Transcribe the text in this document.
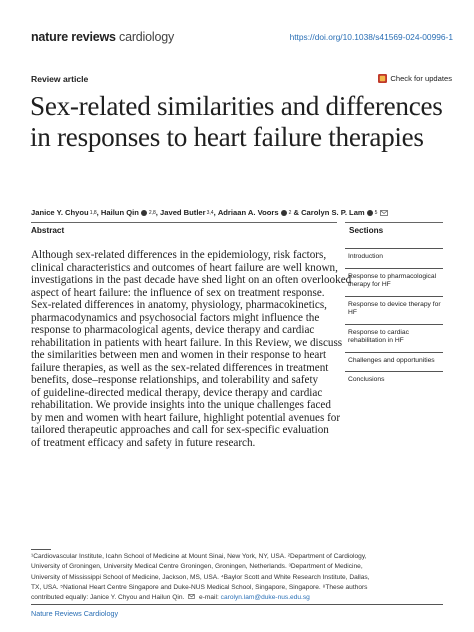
nature reviews cardiology	https://doi.org/10.1038/s41569-024-00996-1
Review article	Check for updates
Sex-related similarities and differences in responses to heart failure therapies
Janice Y. Chyou 1,8 , Hailun Qin 2,8 , Javed Butler 3,4 , Adriaan A. Voors 2 & Carolyn S. P. Lam 5
Abstract	Sections
Although sex-related differences in the epidemiology, risk factors,
clinical characteristics and outcomes of heart failure are well known,
investigations in the past decade have shed light on an often overlooked
aspect of heart failure: the influence of sex on treatment response.
Sex-related differences in anatomy, physiology, pharmacokinetics,
pharmacodynamics and psychosocial factors might influence the
response to pharmacological agents, device therapy and cardiac
rehabilitation in patients with heart failure. In this Review, we discuss
the similarities between men and women in their response to heart
failure therapies, as well as the sex-related differences in treatment
benefits, dose–response relationships, and tolerability and safety
of guideline-directed medical therapy, device therapy and cardiac
rehabilitation. We provide insights into the unique challenges faced
by men and women with heart failure, highlight potential avenues for
tailored therapeutic approaches and call for sex-specific evaluation
of treatment efficacy and safety in future research.
Introduction
Response to pharmacological therapy for HF
Response to device therapy for HF
Response to cardiac rehabilitation in HF
Challenges and opportunities
Conclusions
¹Cardiovascular Institute, Icahn School of Medicine at Mount Sinai, New York, NY, USA. ²Department of Cardiology,
University of Groningen, University Medical Centre Groningen, Groningen, Netherlands. ³Department of Medicine,
University of Mississippi School of Medicine, Jackson, MS, USA. ⁴Baylor Scott and White Research Institute, Dallas,
TX, USA. ⁵National Heart Centre Singapore and Duke-NUS Medical School, Singapore, Singapore. ⁸These authors
contributed equally: Janice Y. Chyou and Hailun Qin. e-mail: carolyn.lam@duke-nus.edu.sg
Nature Reviews Cardiology
